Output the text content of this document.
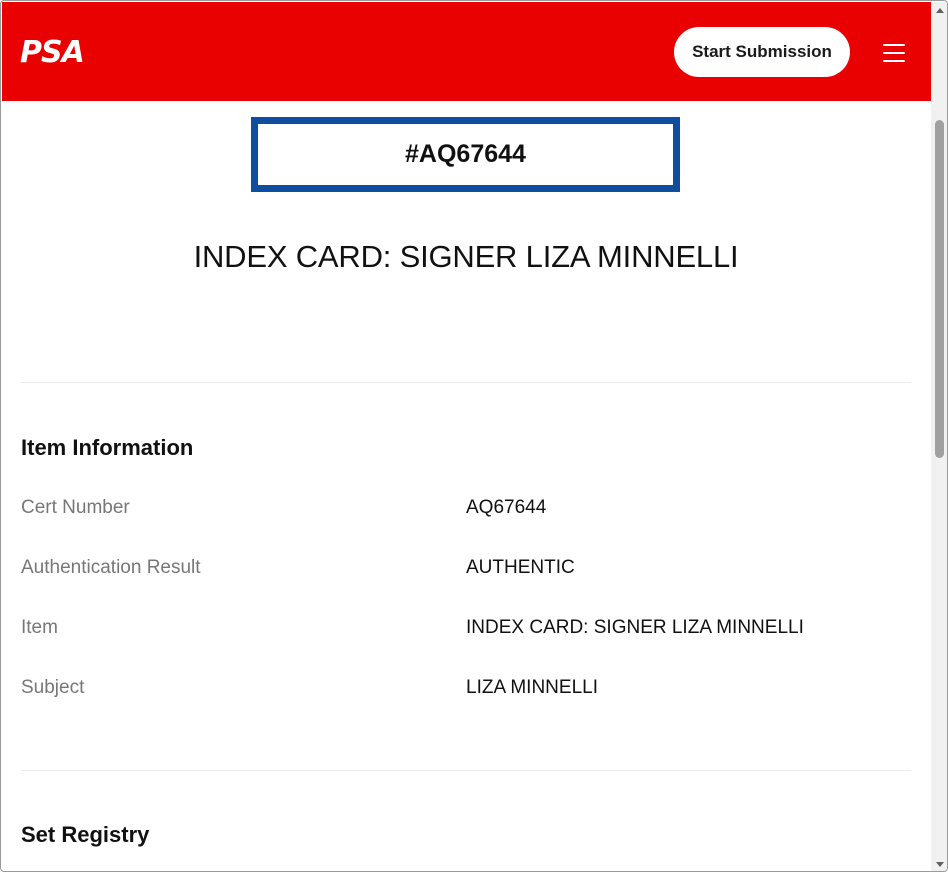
PSA	Start Submission
#AQ67644
INDEX CARD: SIGNER LIZA MINNELLI
Item Information
Cert Number	AQ67644
Authentication Result	AUTHENTIC
Item	INDEX CARD: SIGNER LIZA MINNELLI
Subject	LIZA MINNELLI
Set Registry
